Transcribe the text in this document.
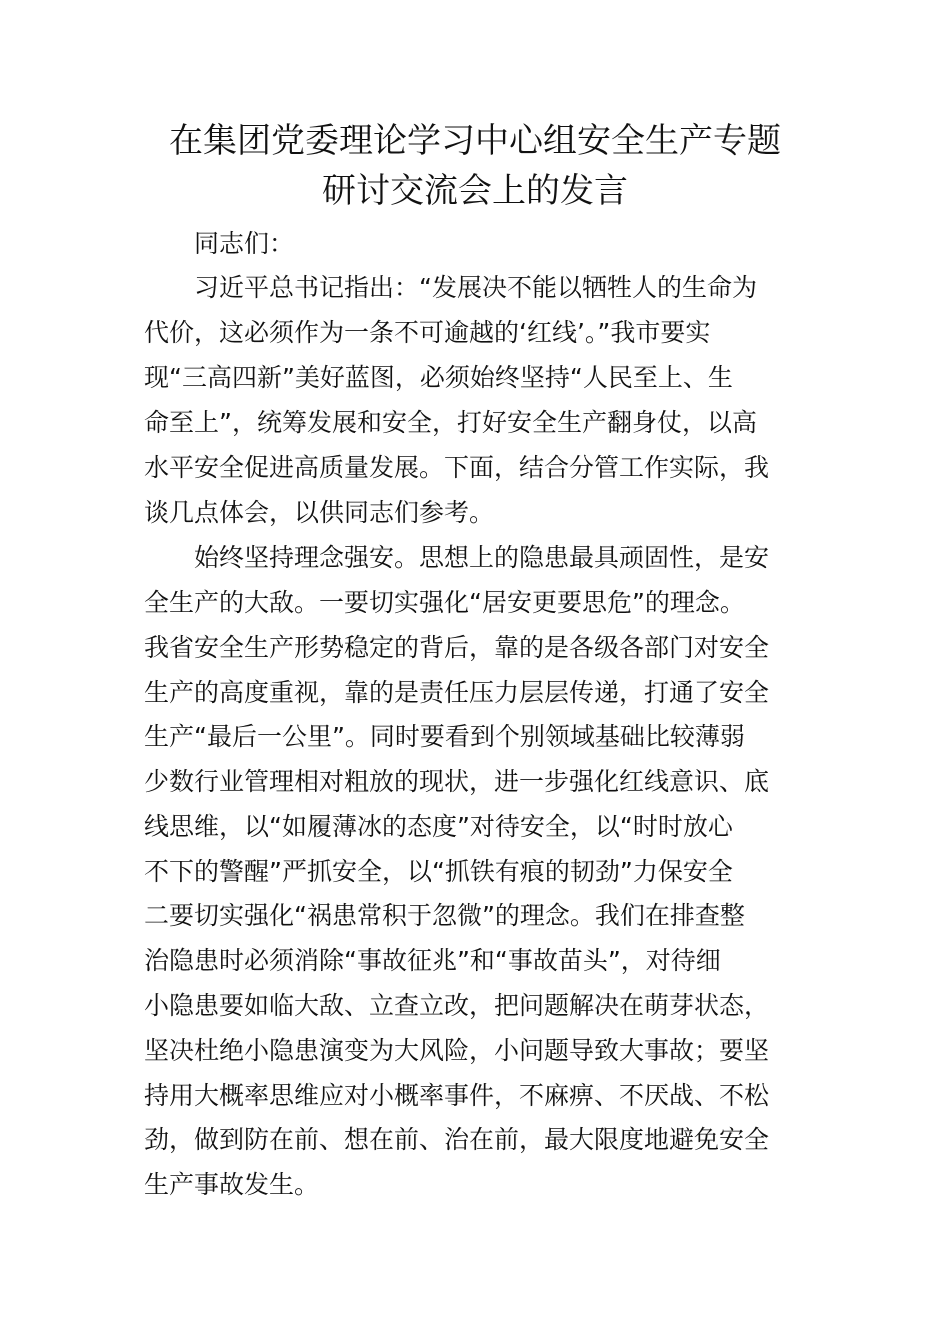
在集团党委理论学习中心组安全生产专题
研讨交流会上的发言
同志们：
习近平总书记指出：“发展决不能以牺牲人的生命为
代价，这必须作为一条不可逾越的‘红线’。”我市要实
现“三高四新”美好蓝图，必须始终坚持“人民至上、生
命至上”，统筹发展和安全，打好安全生产翻身仗，以高
水平安全促进高质量发展。下面，结合分管工作实际，我
谈几点体会，以供同志们参考。
始终坚持理念强安。思想上的隐患最具顽固性，是安
全生产的大敌。一要切实强化“居安更要思危”的理念。
我省安全生产形势稳定的背后，靠的是各级各部门对安全
生产的高度重视，靠的是责任压力层层传递，打通了安全
生产“最后一公里”。同时要看到个别领域基础比较薄弱
少数行业管理相对粗放的现状，进一步强化红线意识、底
线思维，以“如履薄冰的态度”对待安全，以“时时放心
不下的警醒”严抓安全，以“抓铁有痕的韧劲”力保安全
二要切实强化“祸患常积于忽微”的理念。我们在排查整
治隐患时必须消除“事故征兆”和“事故苗头”，对待细
小隐患要如临大敌、立查立改，把问题解决在萌芽状态，
坚决杜绝小隐患演变为大风险，小问题导致大事故；要坚
持用大概率思维应对小概率事件，不麻痹、不厌战、不松
劲，做到防在前、想在前、治在前，最大限度地避免安全
生产事故发生。
